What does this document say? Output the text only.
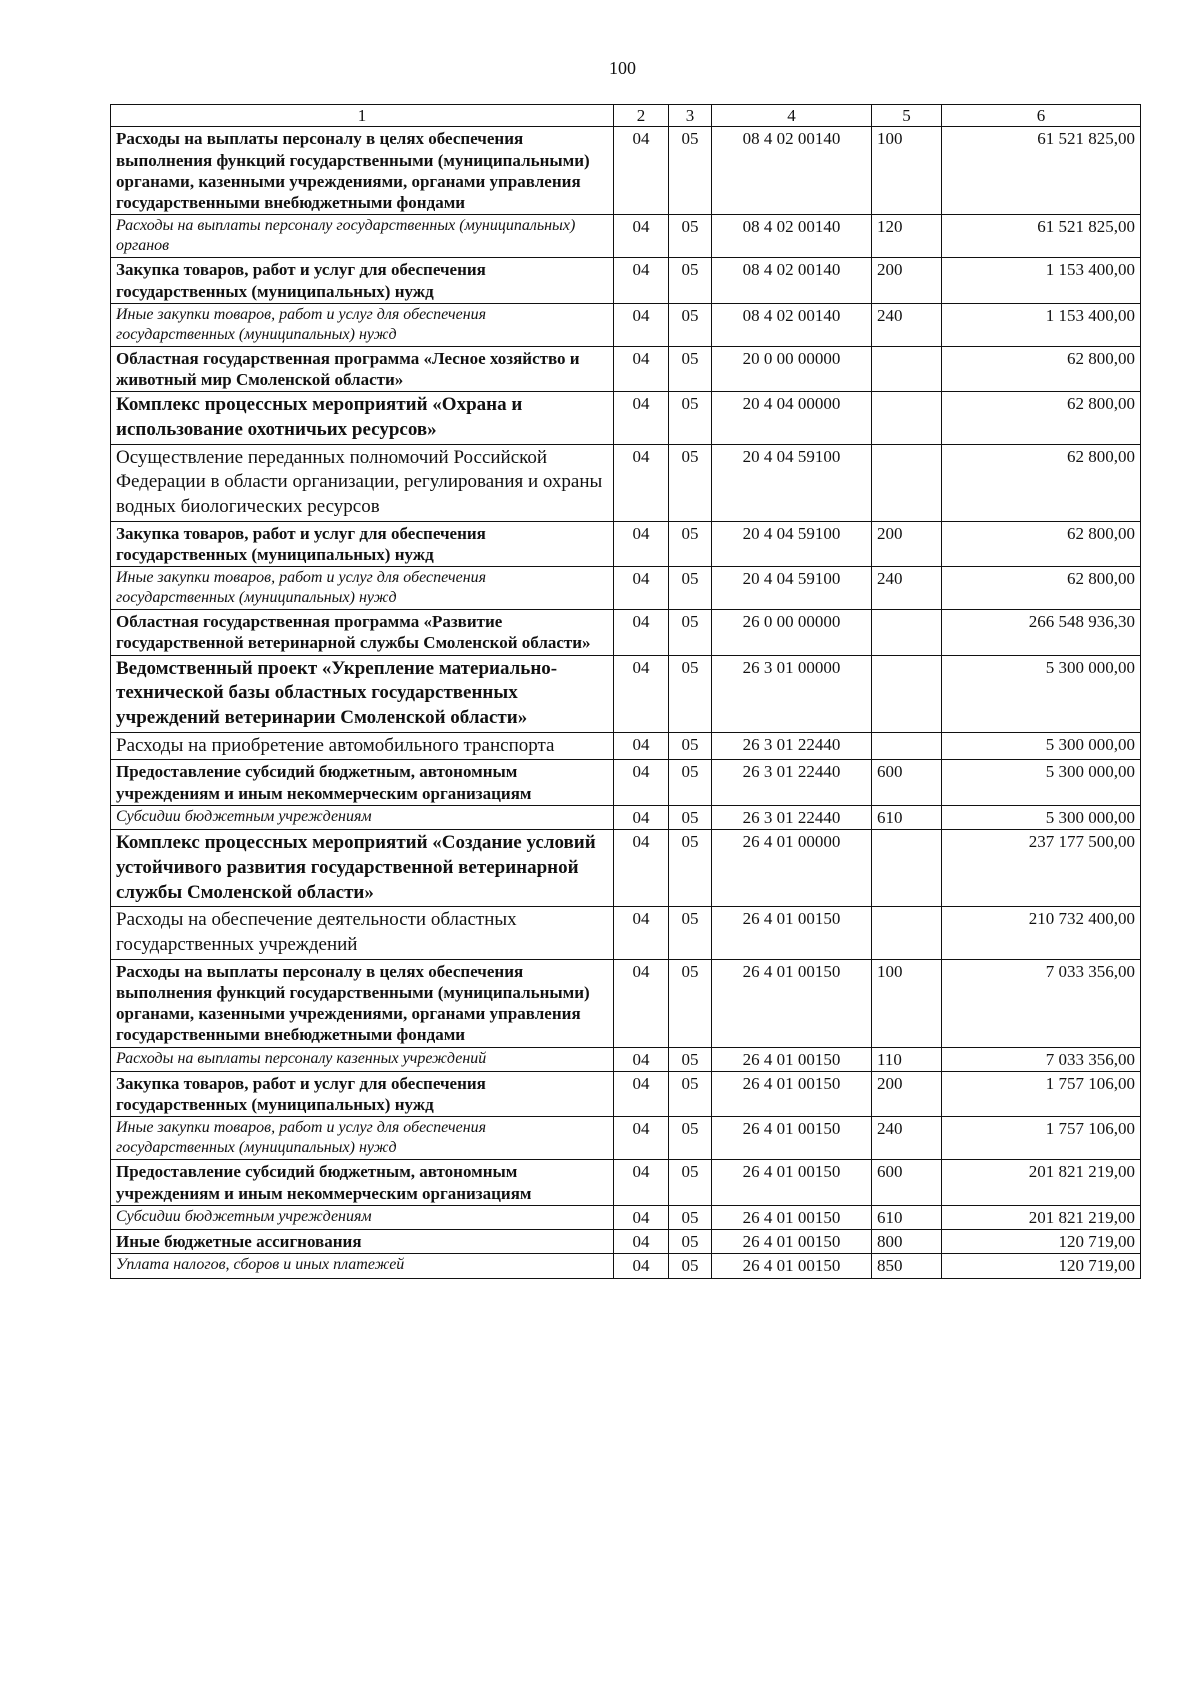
100
1	2	3	4	5	6
Расходы на выплаты персоналу в целях обеспечения выполнения функций государственными (муниципальными) органами, казенными учреждениями, органами управления государственными внебюджетными фондами	04	05	08 4 02 00140	100	61 521 825,00
Расходы на выплаты персоналу государственных (муниципальных) органов	04	05	08 4 02 00140	120	61 521 825,00
Закупка товаров, работ и услуг для обеспечения государственных (муниципальных) нужд	04	05	08 4 02 00140	200	1 153 400,00
Иные закупки товаров, работ и услуг для обеспечения государственных (муниципальных) нужд	04	05	08 4 02 00140	240	1 153 400,00
Областная государственная программа «Лесное хозяйство и животный мир Смоленской области»	04	05	20 0 00 00000		62 800,00
Комплекс процессных мероприятий «Охрана и использование охотничьих ресурсов»	04	05	20 4 04 00000		62 800,00
Осуществление переданных полномочий Российской Федерации в области организации, регулирования и охраны водных биологических ресурсов	04	05	20 4 04 59100		62 800,00
Закупка товаров, работ и услуг для обеспечения государственных (муниципальных) нужд	04	05	20 4 04 59100	200	62 800,00
Иные закупки товаров, работ и услуг для обеспечения государственных (муниципальных) нужд	04	05	20 4 04 59100	240	62 800,00
Областная государственная программа «Развитие государственной ветеринарной службы Смоленской области»	04	05	26 0 00 00000		266 548 936,30
Ведомственный проект «Укрепление материально-технической базы областных государственных учреждений ветеринарии Смоленской области»	04	05	26 3 01 00000		5 300 000,00
Расходы на приобретение автомобильного транспорта	04	05	26 3 01 22440		5 300 000,00
Предоставление субсидий бюджетным, автономным учреждениям и иным некоммерческим организациям	04	05	26 3 01 22440	600	5 300 000,00
Субсидии бюджетным учреждениям	04	05	26 3 01 22440	610	5 300 000,00
Комплекс процессных мероприятий «Создание условий устойчивого развития государственной ветеринарной службы Смоленской области»	04	05	26 4 01 00000		237 177 500,00
Расходы на обеспечение деятельности областных государственных учреждений	04	05	26 4 01 00150		210 732 400,00
Расходы на выплаты персоналу в целях обеспечения выполнения функций государственными (муниципальными) органами, казенными учреждениями, органами управления государственными внебюджетными фондами	04	05	26 4 01 00150	100	7 033 356,00
Расходы на выплаты персоналу казенных учреждений	04	05	26 4 01 00150	110	7 033 356,00
Закупка товаров, работ и услуг для обеспечения государственных (муниципальных) нужд	04	05	26 4 01 00150	200	1 757 106,00
Иные закупки товаров, работ и услуг для обеспечения государственных (муниципальных) нужд	04	05	26 4 01 00150	240	1 757 106,00
Предоставление субсидий бюджетным, автономным учреждениям и иным некоммерческим организациям	04	05	26 4 01 00150	600	201 821 219,00
Субсидии бюджетным учреждениям	04	05	26 4 01 00150	610	201 821 219,00
Иные бюджетные ассигнования	04	05	26 4 01 00150	800	120 719,00
Уплата налогов, сборов и иных платежей	04	05	26 4 01 00150	850	120 719,00
